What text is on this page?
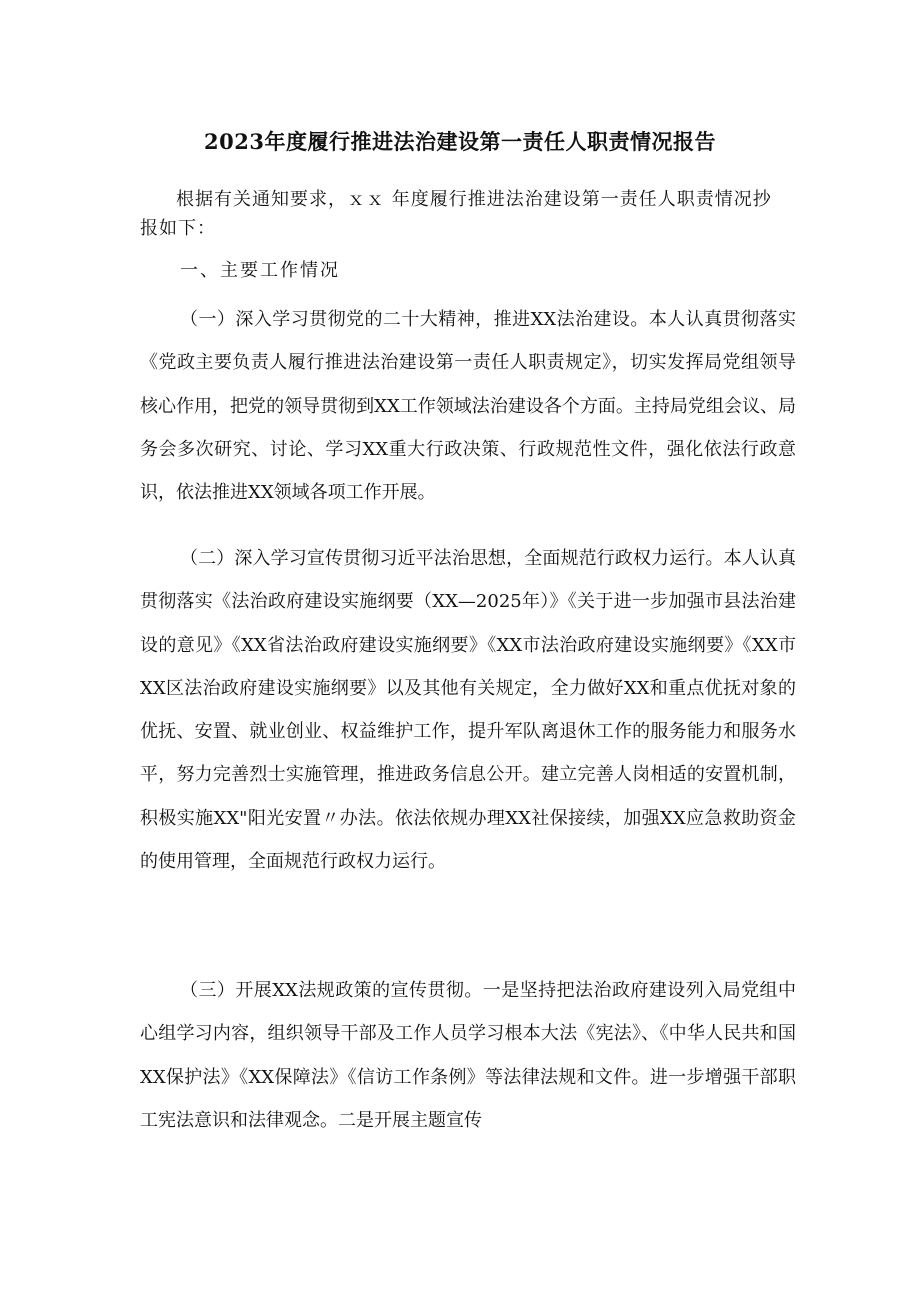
2023年度履行推进法治建设第一责任人职责情况报告
根据有关通知要求，ｘｘ 年度履行推进法治建设第一责任人职责情况抄报如下：
一、主要工作情况
（一）深入学习贯彻党的二十大精神，推进XX法治建设。本人认真贯彻落实《党政主要负责人履行推进法治建设第一责任人职责规定》，切实发挥局党组领导核心作用，把党的领导贯彻到XX工作领域法治建设各个方面。主持局党组会议、局务会多次研究、讨论、学习XX重大行政决策、行政规范性文件，强化依法行政意识，依法推进XX领域各项工作开展。
（二）深入学习宣传贯彻习近平法治思想，全面规范行政权力运行。本人认真贯彻落实《法治政府建设实施纲要（XX—2025年）》《关于进一步加强市县法治建设的意见》《XX省法治政府建设实施纲要》《XX市法治政府建设实施纲要》《XX市XX区法治政府建设实施纲要》以及其他有关规定，全力做好XX和重点优抚对象的优抚、安置、就业创业、权益维护工作，提升军队离退休工作的服务能力和服务水平，努力完善烈士实施管理，推进政务信息公开。建立完善人岗相适的安置机制，积极实施XX"阳光安置〃办法。依法依规办理XX社保接续，加强XX应急救助资金的使用管理，全面规范行政权力运行。
（三）开展XX法规政策的宣传贯彻。一是坚持把法治政府建设列入局党组中心组学习内容，组织领导干部及工作人员学习根本大法《宪法》、《中华人民共和国XX保护法》《XX保障法》《信访工作条例》等法律法规和文件。进一步增强干部职工宪法意识和法律观念。二是开展主题宣传
